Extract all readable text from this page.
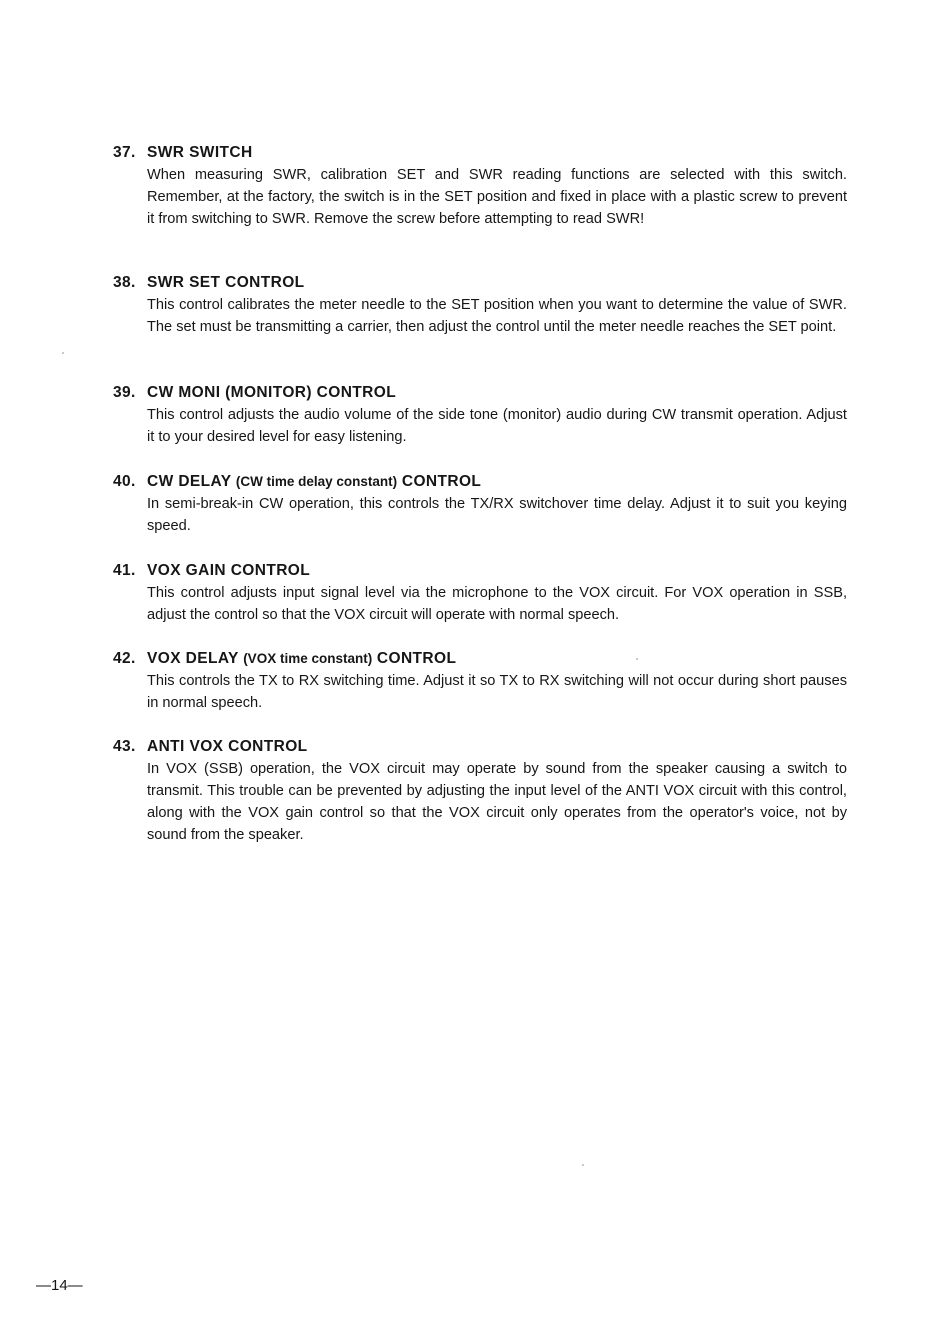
37. SWR SWITCH
When measuring SWR, calibration SET and SWR reading functions are selected with this switch. Remember, at the factory, the switch is in the SET position and fixed in place with a plastic screw to prevent it from switching to SWR. Remove the screw before attempting to read SWR!
38. SWR SET CONTROL
This control calibrates the meter needle to the SET position when you want to determine the value of SWR. The set must be transmitting a carrier, then adjust the control until the meter needle reaches the SET point.
39. CW MONI (MONITOR) CONTROL
This control adjusts the audio volume of the side tone (monitor) audio during CW transmit operation. Adjust it to your desired level for easy listening.
40. CW DELAY (CW time delay constant) CONTROL
In semi-break-in CW operation, this controls the TX/RX switchover time delay. Adjust it to suit you keying speed.
41. VOX GAIN CONTROL
This control adjusts input signal level via the microphone to the VOX circuit. For VOX operation in SSB, adjust the control so that the VOX circuit will operate with normal speech.
42. VOX DELAY (VOX time constant) CONTROL
This controls the TX to RX switching time. Adjust it so TX to RX switching will not occur during short pauses in normal speech.
43. ANTI VOX CONTROL
In VOX (SSB) operation, the VOX circuit may operate by sound from the speaker causing a switch to transmit. This trouble can be prevented by adjusting the input level of the ANTI VOX circuit with this control, along with the VOX gain control so that the VOX circuit only operates from the operator's voice, not by sound from the speaker.
—14—
